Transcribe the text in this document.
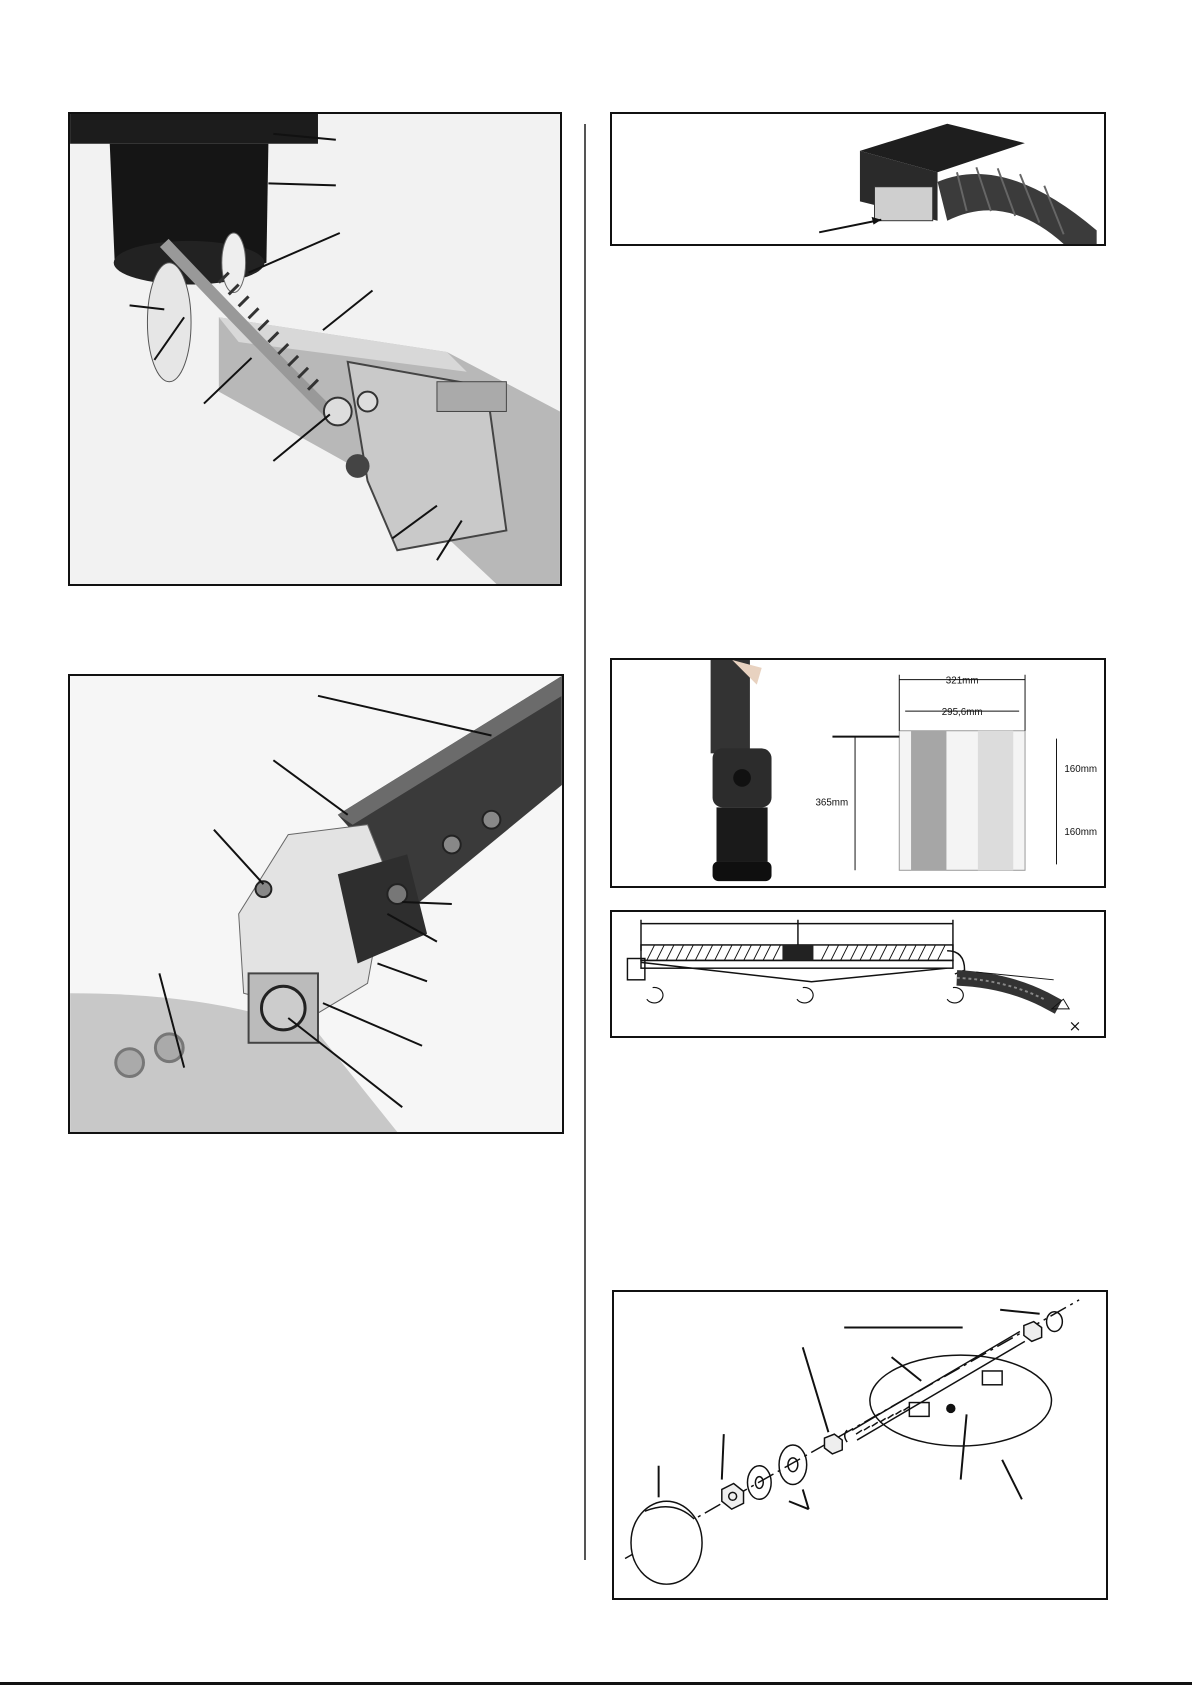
321mm
295,6mm
365mm
160mm
160mm
